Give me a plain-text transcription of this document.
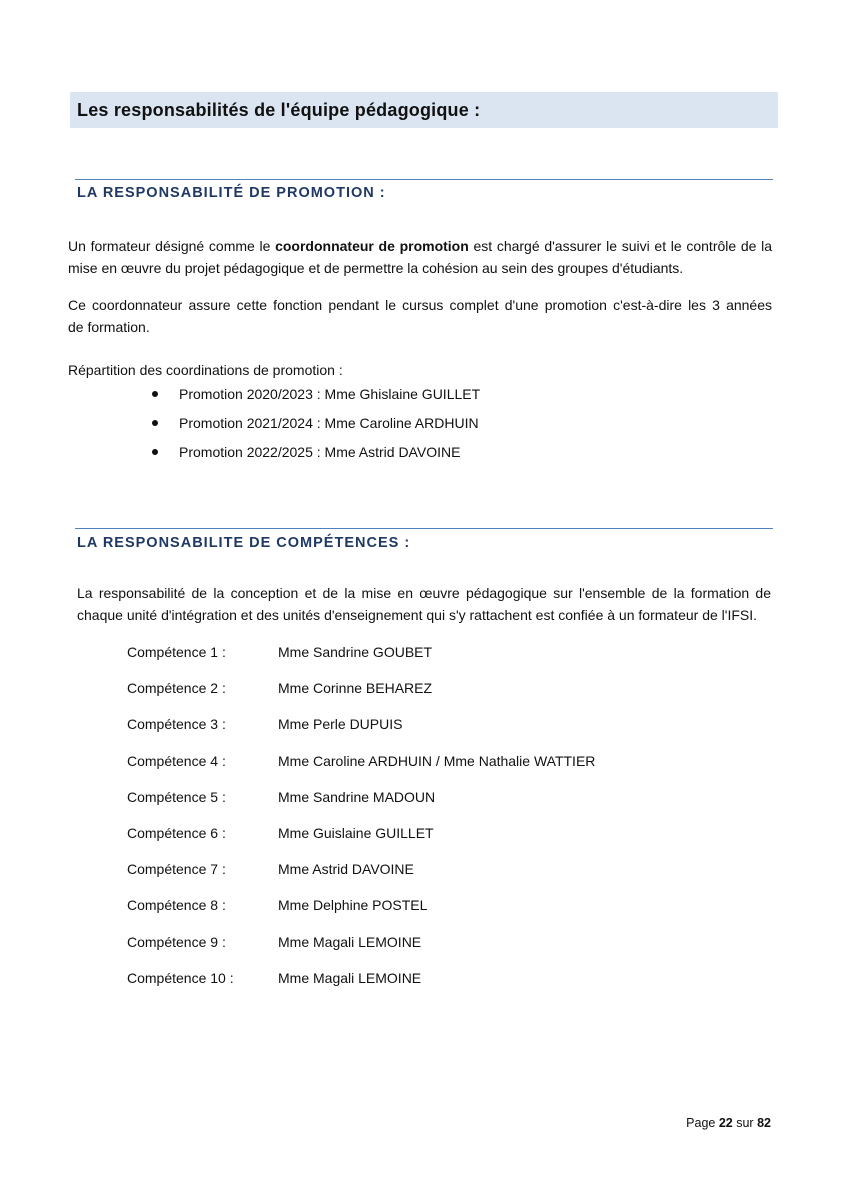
Les responsabilités de l'équipe pédagogique :
LA RESPONSABILITÉ DE PROMOTION :
Un formateur désigné comme le coordonnateur de promotion est chargé d'assurer le suivi et le contrôle de la
mise en œuvre du projet pédagogique et de permettre la cohésion au sein des groupes d'étudiants.
Ce coordonnateur assure cette fonction pendant le cursus complet d'une promotion c'est-à-dire les 3 années
de formation.
Répartition des coordinations de promotion :
Promotion 2020/2023 : Mme Ghislaine GUILLET
Promotion 2021/2024 : Mme Caroline ARDHUIN
Promotion 2022/2025 : Mme Astrid DAVOINE
LA RESPONSABILITE DE COMPÉTENCES :
La responsabilité de la conception et de la mise en œuvre pédagogique sur l'ensemble de la formation de
chaque unité d'intégration et des unités d'enseignement qui s'y rattachent est confiée à un formateur de l'IFSI.
Compétence 1 :	Mme Sandrine GOUBET
Compétence 2 :	Mme Corinne BEHAREZ
Compétence 3 :	Mme Perle DUPUIS
Compétence 4 :	Mme Caroline ARDHUIN / Mme Nathalie WATTIER
Compétence 5 :	Mme Sandrine MADOUN
Compétence 6 :	Mme Guislaine GUILLET
Compétence 7 :	Mme Astrid DAVOINE
Compétence 8 :	Mme Delphine POSTEL
Compétence 9 :	Mme Magali LEMOINE
Compétence 10 :	Mme Magali LEMOINE
Page 22 sur 82
